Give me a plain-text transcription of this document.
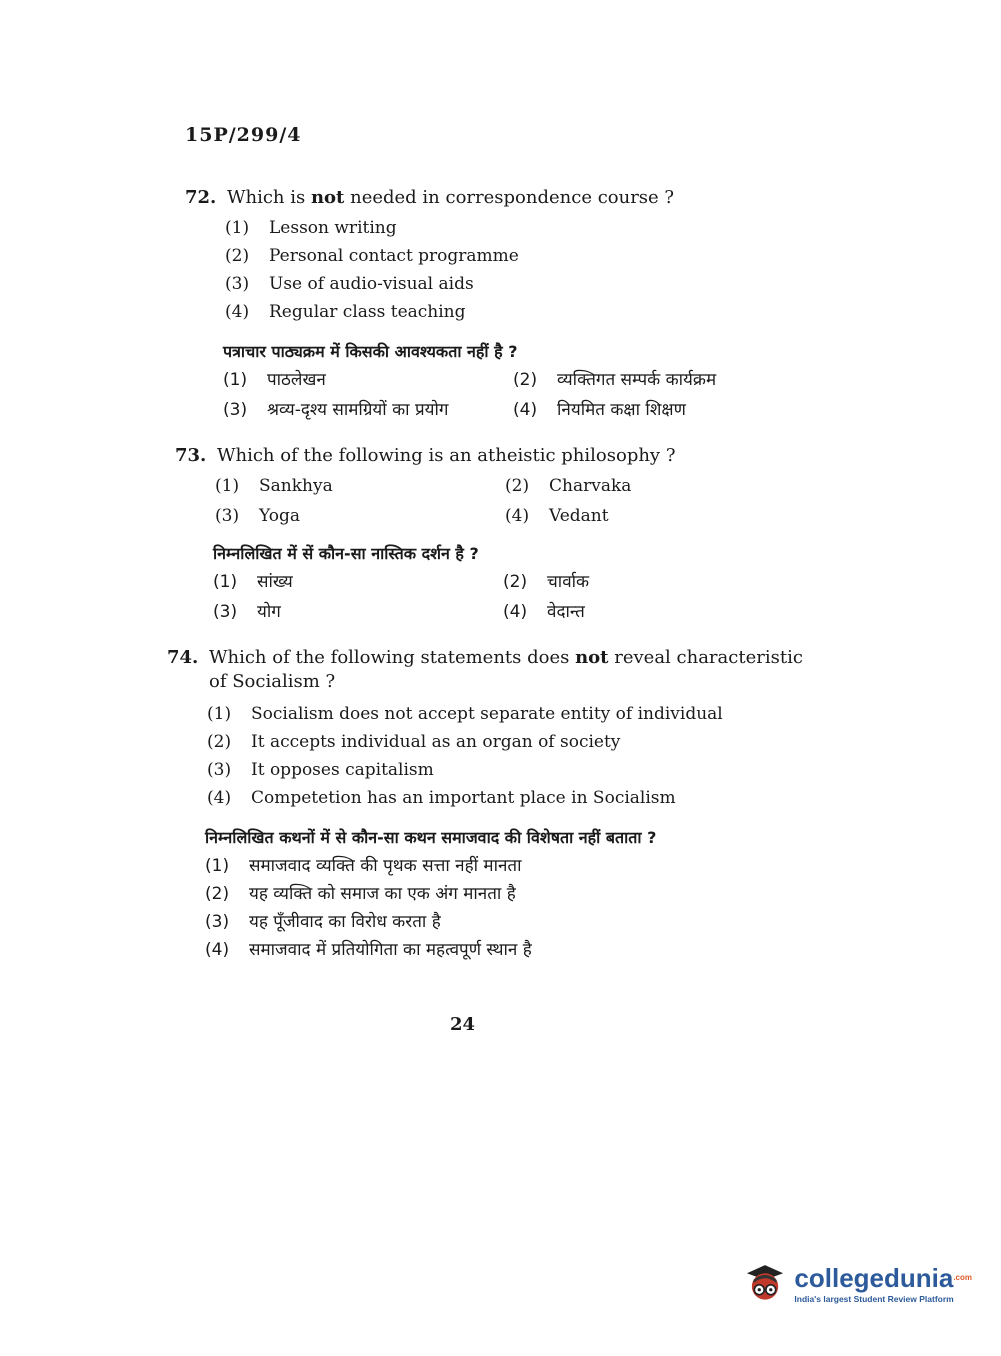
15P/299/4
72. Which is not needed in correspondence course ?
(1) Lesson writing
(2) Personal contact programme
(3) Use of audio-visual aids
(4) Regular class teaching
पत्राचार पाठ्यक्रम में किसकी आवश्यकता नहीं है ?
(1) पाठलेखन	(2) व्यक्तिगत सम्पर्क कार्यक्रम
(3) श्रव्य-दृश्य सामग्रियों का प्रयोग	(4) नियमित कक्षा शिक्षण
73. Which of the following is an atheistic philosophy ?
(1) Sankhya	(2) Charvaka
(3) Yoga	(4) Vedant
निम्नलिखित में सें कौन-सा नास्तिक दर्शन है ?
(1) सांख्य	(2) चार्वाक
(3) योग	(4) वेदान्त
74. Which of the following statements does not reveal characteristic of Socialism ?
(1) Socialism does not accept separate entity of individual
(2) It accepts individual as an organ of society
(3) It opposes capitalism
(4) Competetion has an important place in Socialism
निम्नलिखित कथनों में से कौन-सा कथन समाजवाद की विशेषता नहीं बताता ?
(1) समाजवाद व्यक्ति की पृथक सत्ता नहीं मानता
(2) यह व्यक्ति को समाज का एक अंग मानता है
(3) यह पूँजीवाद का विरोध करता है
(4) समाजवाद में प्रतियोगिता का महत्वपूर्ण स्थान है
24
collegedunia$^{.com}$
India's largest Student Review Platform
